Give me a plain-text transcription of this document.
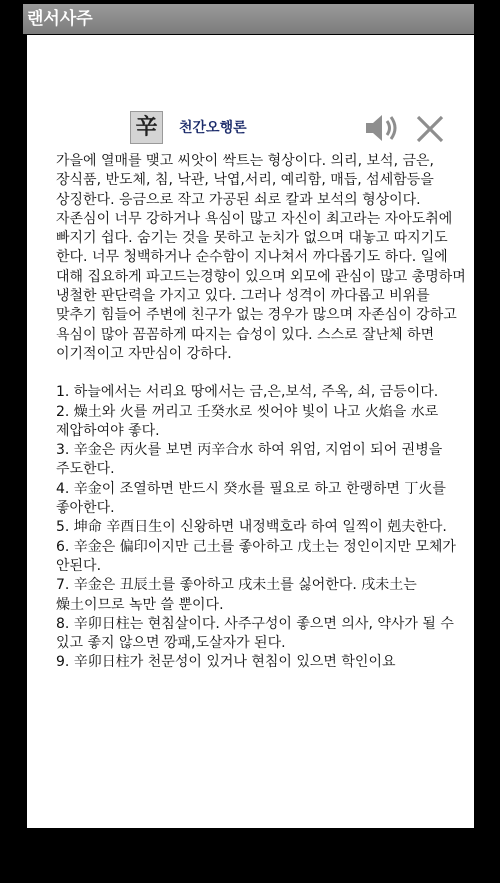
랜서사주
辛	천간오행론

가을에 열매를 맺고 씨앗이 싹트는 형상이다. 의리, 보석, 금은, 장식품, 반도체, 침, 낙관, 낙엽,서리, 예리함, 매듭, 섬세함등을 상징한다. 응금으로 작고 가공된 쇠로 칼과 보석의 형상이다. 자존심이 너무 강하거나 욕심이 많고 자신이 최고라는 자아도취에 빠지기 쉽다. 숨기는 것을 못하고 눈치가 없으며 대놓고 따지기도 한다. 너무 청백하거나 순수함이 지나쳐서 까다롭기도 하다. 일에 대해 집요하게 파고드는경향이 있으며 외모에 관심이 많고 총명하며 냉철한 판단력을 가지고 있다. 그러나 성격이 까다롭고 비위를 맞추기 힘들어 주변에 친구가 없는 경우가 많으며 자존심이 강하고 욕심이 많아 꼼꼼하게 따지는 습성이 있다. 스스로 잘난체 하면 이기적이고 자만심이 강하다.

1. 하늘에서는 서리요 땅에서는 금,은,보석, 주옥, 쇠, 금등이다.
2. 燥土와 火를 꺼리고 壬癸水로 씻어야 빛이 나고 火焰을 水로 제압하여야 좋다.
3. 辛金은 丙火를 보면 丙辛合水 하여 위엄, 지엄이 되어 권병을 주도한다.
4. 辛金이 조열하면 반드시 癸水를 필요로 하고 한랭하면 丁火를 좋아한다.
5. 坤命 辛酉日生이 신왕하면 내정백호라 하여 일찍이 剋夫한다.
6. 辛金은 偏印이지만 己土를 좋아하고 戊土는 정인이지만 모체가 안된다.
7. 辛金은 丑辰土를 좋아하고 戌未土를 싫어한다. 戌未土는 燥土이므로 녹만 쓸 뿐이다.
8. 辛卯日柱는 현침살이다. 사주구성이 좋으면 의사, 약사가 될 수 있고 좋지 않으면 깡패,도살자가 된다.
9. 辛卯日柱가 천문성이 있거나 현침이 있으면 학인이요
